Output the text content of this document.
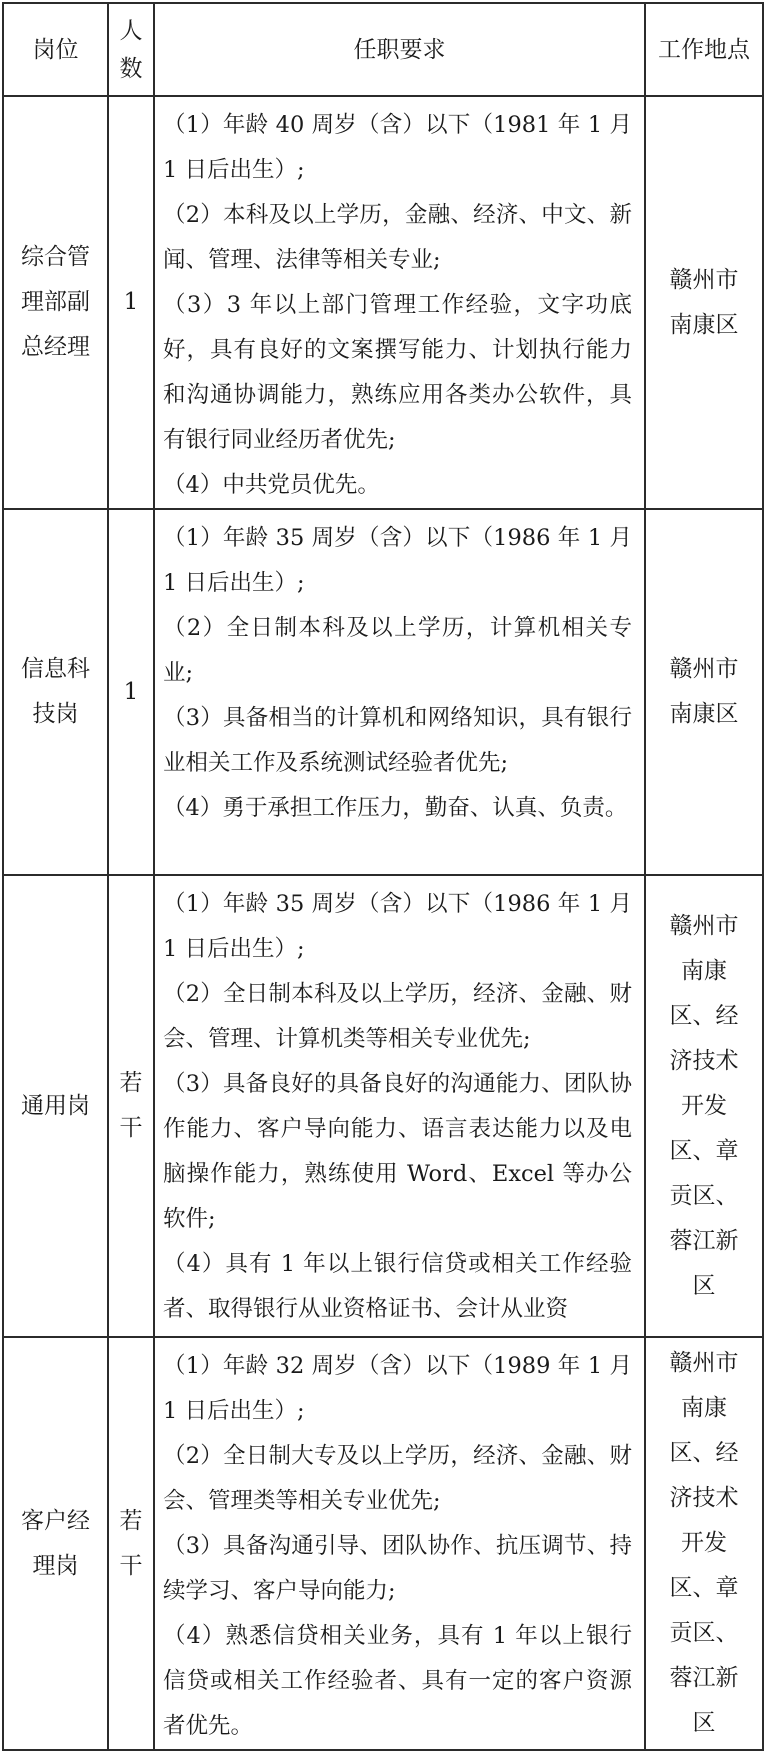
岗位	人数	任职要求	工作地点
综合管理部副总经理	1	（1）年龄 40 周岁（含）以下（1981 年 1 月 1 日后出生）;

（2）本科及以上学历，金融、经济、中文、新闻、管理、法律等相关专业;

（3）3 年以上部门管理工作经验，文字功底好，具有良好的文案撰写能力、计划执行能力和沟通协调能力，熟练应用各类办公软件，具有银行同业经历者优先;

（4）中共党员优先。	赣州市南康区
信息科技岗	1	（1）年龄 35 周岁（含）以下（1986 年 1 月 1 日后出生）;

（2）全日制本科及以上学历，计算机相关专业;

（3）具备相当的计算机和网络知识，具有银行业相关工作及系统测试经验者优先;

（4）勇于承担工作压力，勤奋、认真、负责。	赣州市南康区
通用岗	若干	（1）年龄 35 周岁（含）以下（1986 年 1 月 1 日后出生）;

（2）全日制本科及以上学历，经济、金融、财会、管理、计算机类等相关专业优先;

（3）具备良好的具备良好的沟通能力、团队协作能力、客户导向能力、语言表达能力以及电脑操作能力，熟练使用 Word、Excel 等办公软件;

（4）具有 1 年以上银行信贷或相关工作经验者、取得银行从业资格证书、会计从业资	赣州市南康区、经济技术开发区、章贡区、蓉江新区
客户经理岗	若干	（1）年龄 32 周岁（含）以下（1989 年 1 月 1 日后出生）;

（2）全日制大专及以上学历，经济、金融、财会、管理类等相关专业优先;

（3）具备沟通引导、团队协作、抗压调节、持续学习、客户导向能力;

（4）熟悉信贷相关业务，具有 1 年以上银行信贷或相关工作经验者、具有一定的客户资源者优先。	赣州市南康区、经济技术开发区、章贡区、蓉江新区
